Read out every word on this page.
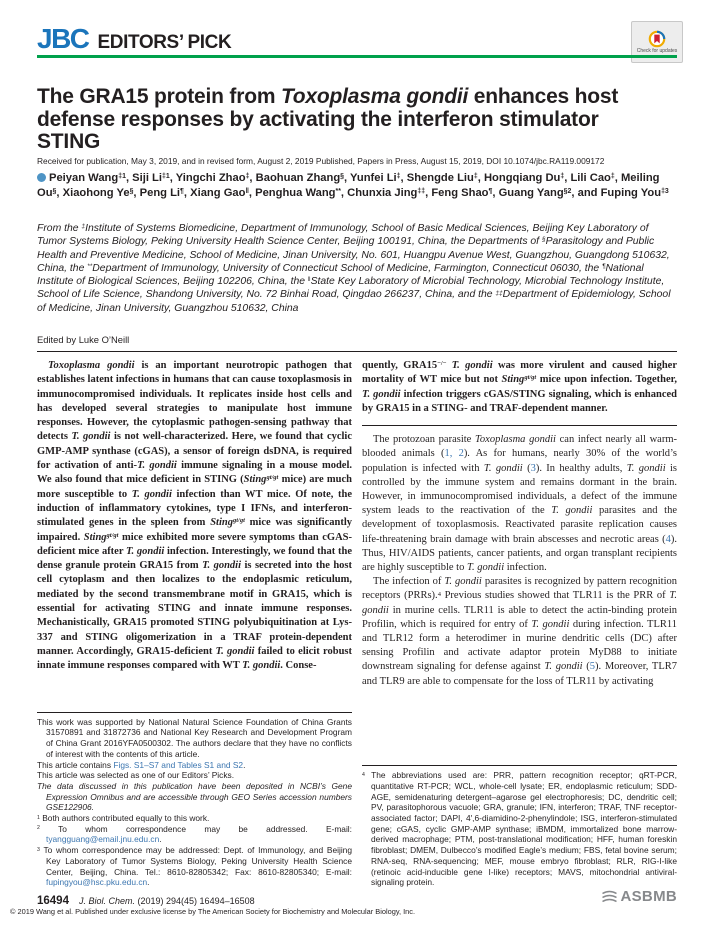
JBC EDITORS’ PICK	Check for updates
The GRA15 protein from Toxoplasma gondii enhances host defense responses by activating the interferon stimulator STING
Received for publication, May 3, 2019, and in revised form, August 2, 2019 Published, Papers in Press, August 15, 2019, DOI 10.1074/jbc.RA119.009172
Peiyan Wang$^{\ddagger 1}$, Siji Li$^{\ddagger 1}$, Yingchi Zhao‡, Baohuan Zhang§, Yunfei Li‡, Shengde Liu‡, Hongqiang Du‡, Lili Cao‡, Meiling Ou§, Xiaohong Ye§, Peng Li¶, Xiang Gao‖, Penghua Wang**, Chunxia Jing‡‡, Feng Shao¶, Guang Yang$^{\S 2}$, and Fuping You$^{\ddagger 3}$
From the ‡Institute of Systems Biomedicine, Department of Immunology, School of Basic Medical Sciences, Beijing Key Laboratory of Tumor Systems Biology, Peking University Health Science Center, Beijing 100191, China, the Departments of §Parasitology and Public Health and Preventive Medicine, School of Medicine, Jinan University, No. 601, Huangpu Avenue West, Guangzhou, Guangdong 510632, China, the **Department of Immunology, University of Connecticut School of Medicine, Farmington, Connecticut 06030, the ¶National Institute of Biological Sciences, Beijing 102206, China, the ‖State Key Laboratory of Microbial Technology, Microbial Technology Institute, School of Life Science, Shandong University, No. 72 Binhai Road, Qingdao 266237, China, and the ‡‡Department of Epidemiology, School of Medicine, Jinan University, Guangzhou 510632, China
Edited by Luke O’Neill

Toxoplasma gondii is an important neurotropic pathogen that establishes latent infections in humans that can cause toxoplasmosis in immunocompromised individuals. It replicates inside host cells and has developed several strategies to manipulate host immune responses. However, the cytoplasmic pathogen-sensing pathway that detects T. gondii is not well-characterized. Here, we found that cyclic GMP-AMP synthase (cGAS), a sensor of foreign dsDNA, is required for activation of anti-T. gondii immune signaling in a mouse model. We also found that mice deficient in STING (Sting$^{gt/gt}$ mice) are much more susceptible to T. gondii infection than WT mice. Of note, the induction of inflammatory cytokines, type I IFNs, and interferon-stimulated genes in the spleen from Sting$^{gt/gt}$ mice was significantly impaired. Sting$^{gt/gt}$ mice exhibited more severe symptoms than cGAS-deficient mice after T. gondii infection. Interestingly, we found that the dense granule protein GRA15 from T. gondii is secreted into the host cell cytoplasm and then localizes to the endoplasmic reticulum, mediated by the second transmembrane motif in GRA15, which is essential for activating STING and innate immune responses. Mechanistically, GRA15 promoted STING polyubiquitination at Lys-337 and STING oligomerization in a TRAF protein-dependent manner. Accordingly, GRA15-deficient T. gondii failed to elicit robust innate immune responses compared with WT T. gondii. Conse-

This work was supported by National Natural Science Foundation of China Grants 31570891 and 31872736 and National Key Research and Development Program of China Grant 2016YFA0500302. The authors declare that they have no conflicts of interest with the contents of this article.

This article contains Figs. S1–S7 and Tables S1 and S2.

This article was selected as one of our Editors’ Picks.

The data discussed in this publication have been deposited in NCBI’s Gene Expression Omnibus and are accessible through GEO Series accession numbers GSE122906.

$^1$ Both authors contributed equally to this work.

$^2$ To whom correspondence may be addressed. E-mail: tyangguang@email.jnu.edu.cn.

$^3$ To whom correspondence may be addressed: Dept. of Immunology, and Beijing Key Laboratory of Tumor Systems Biology, Peking University Health Science Center, Beijing, China. Tel.: 8610-82805342; Fax: 8610-82805340; E-mail: fupingyou@hsc.pku.edu.cn.

quently, GRA15−/− T. gondii was more virulent and caused higher mortality of WT mice but not Sting$^{gt/gt}$ mice upon infection. Together, T. gondii infection triggers cGAS/STING signaling, which is enhanced by GRA15 in a STING- and TRAF-dependent manner.

The protozoan parasite Toxoplasma gondii can infect nearly all warm-blooded animals (1, 2). As for humans, nearly 30% of the world’s population is infected with T. gondii (3). In healthy adults, T. gondii is controlled by the immune system and remains dormant in the brain. However, in immunocompromised individuals, a defect of the immune system leads to the reactivation of the T. gondii parasites and the development of toxoplasmosis. Reactivated parasite replication causes life-threatening brain damage with brain abscesses and necrotic areas (4). Thus, HIV/AIDS patients, cancer patients, and organ transplant recipients are highly susceptible to T. gondii infection.

The infection of T. gondii parasites is recognized by pattern recognition receptors (PRRs).$^4$ Previous studies showed that TLR11 is the PRR of T. gondii in murine cells. TLR11 is able to detect the actin-binding protein Profilin, which is required for entry of T. gondii during infection. TLR11 and TLR12 form a heterodimer in murine dendritic cells (DC) after sensing Profilin and activate adaptor protein MyD88 to initiate downstream signaling for defense against T. gondii (5). Moreover, TLR7 and TLR9 are able to compensate for the loss of TLR11 by activating

$^4$ The abbreviations used are: PRR, pattern recognition receptor; qRT-PCR, quantitative RT-PCR; WCL, whole-cell lysate; ER, endoplasmic reticulum; SDD-AGE, semidenaturing detergent–agarose gel electrophoresis; DC, dendritic cell; PV, parasitophorous vacuole; GRA, granule; IFN, interferon; TRAF, TNF receptor-associated factor; DAPI, 4′,6-diamidino-2-phenylindole; ISG, interferon-stimulated gene; cGAS, cyclic GMP-AMP synthase; iBMDM, immortalized bone marrow-derived macrophage; PTM, post-translational modification; HFF, human foreskin fibroblast; DMEM, Dulbecco’s modified Eagle’s medium; FBS, fetal bovine serum; RNA-seq, RNA-sequencing; MEF, mouse embryo fibroblast; RLR, RIG-I-like (retinoic acid-inducible gene I-like) receptors; MAVS, mitochondrial antiviral-signaling protein.

16494 J. Biol. Chem. (2019) 294(45) 16494–16508	ASBMB
© 2019 Wang et al. Published under exclusive license by The American Society for Biochemistry and Molecular Biology, Inc.
